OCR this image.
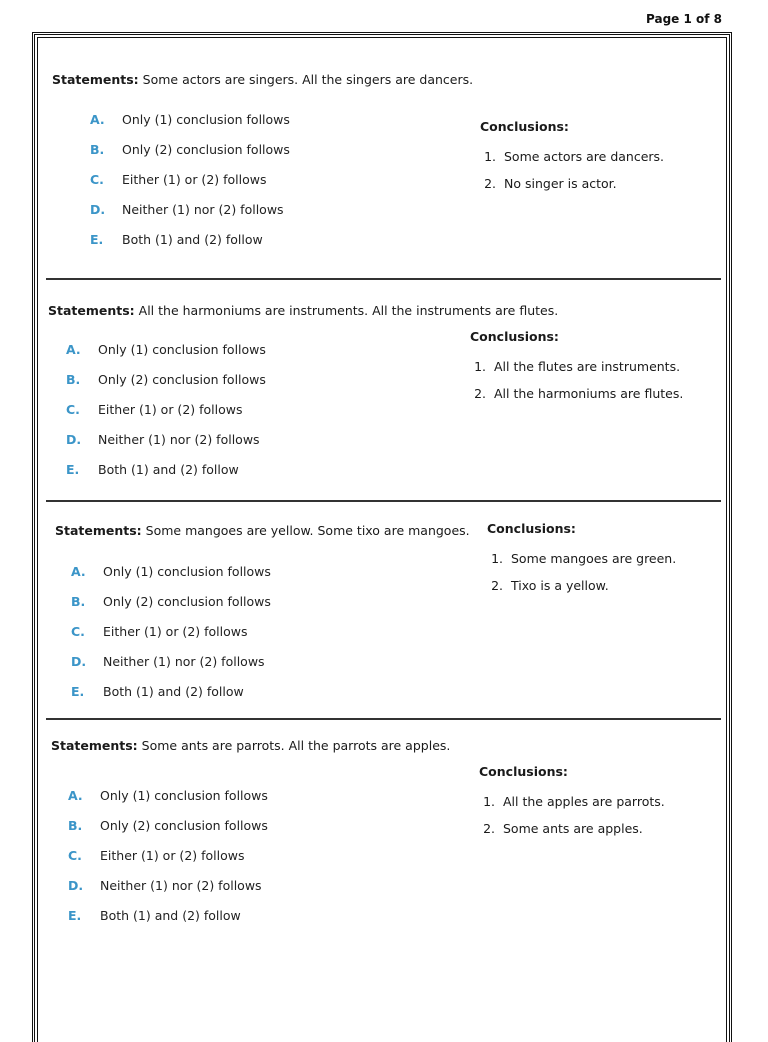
Page 1 of 8
Statements: Some actors are singers. All the singers are dancers.
A. Only (1) conclusion follows
B. Only (2) conclusion follows
C. Either (1) or (2) follows
D. Neither (1) nor (2) follows
E. Both (1) and (2) follow
Conclusions:
1. Some actors are dancers.
2. No singer is actor.
Statements: All the harmoniums are instruments. All the instruments are flutes.
A. Only (1) conclusion follows
B. Only (2) conclusion follows
C. Either (1) or (2) follows
D. Neither (1) nor (2) follows
E. Both (1) and (2) follow
Conclusions:
1. All the flutes are instruments.
2. All the harmoniums are flutes.
Statements: Some mangoes are yellow. Some tixo are mangoes.
A. Only (1) conclusion follows
B. Only (2) conclusion follows
C. Either (1) or (2) follows
D. Neither (1) nor (2) follows
E. Both (1) and (2) follow
Conclusions:
1. Some mangoes are green.
2. Tixo is a yellow.
Statements: Some ants are parrots. All the parrots are apples.
A. Only (1) conclusion follows
B. Only (2) conclusion follows
C. Either (1) or (2) follows
D. Neither (1) nor (2) follows
E. Both (1) and (2) follow
Conclusions:
1. All the apples are parrots.
2. Some ants are apples.
